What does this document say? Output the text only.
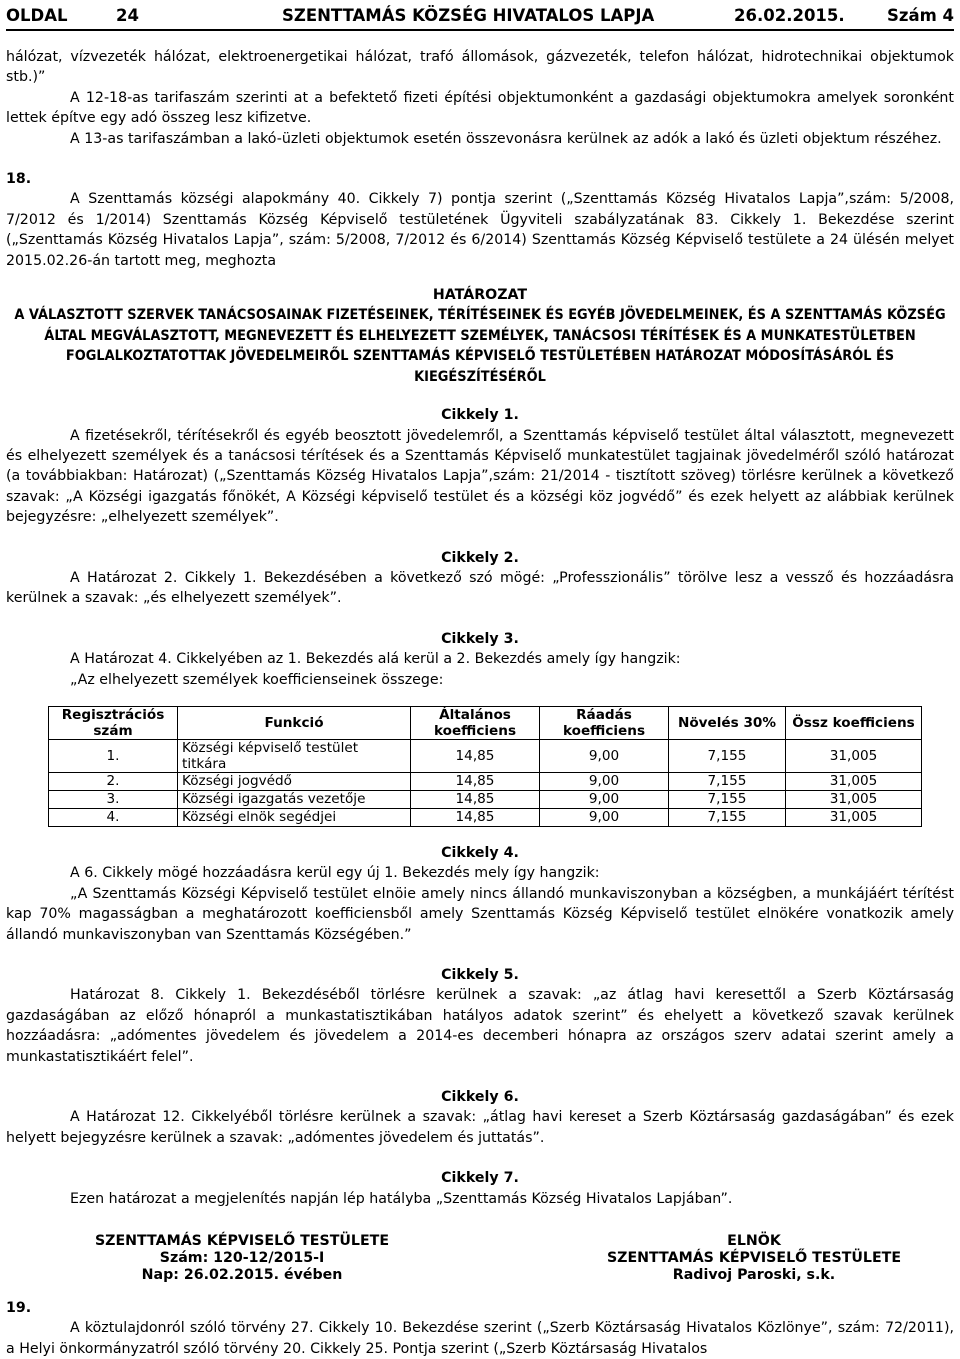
OLDAL	24	SZENTTAMÁS KÖZSÉG HIVATALOS LAPJA	26.02.2015.	Szám 4

hálózat, vízvezeték hálózat, elektroenergetikai hálózat, trafó állomások, gázvezeték, telefon hálózat, hidrotechnikai objektumok stb.)”

A 12-18-as tarifaszám szerinti at a befektető fizeti építési objektumonként a gazdasági objektumokra amelyek soronként lettek építve egy adó összeg lesz kifizetve.

A 13-as tarifaszámban a lakó-üzleti objektumok esetén összevonásra kerülnek az adók a lakó és üzleti objektum részéhez.

18.

A Szenttamás községi alapokmány 40. Cikkely 7) pontja szerint („Szenttamás Község Hivatalos Lapja”,szám: 5/2008, 7/2012 és 1/2014) Szenttamás Község Képviselő testületének Ügyviteli szabályzatának 83. Cikkely 1. Bekezdése szerint („Szenttamás Község Hivatalos Lapja”, szám: 5/2008, 7/2012 és 6/2014) Szenttamás Község Képviselő testülete a 24 ülésén melyet 2015.02.26-án tartott meg, meghozta

HATÁROZAT

A VÁLASZTOTT SZERVEK TANÁCSOSAINAK FIZETÉSEINEK, TÉRÍTÉSEINEK ÉS EGYÉB JÖVEDELMEINEK, ÉS A SZENTTAMÁS KÖZSÉG ÁLTAL MEGVÁLASZTOTT, MEGNEVEZETT ÉS ELHELYEZETT SZEMÉLYEK, TANÁCSOSI TÉRÍTÉSEK ÉS A MUNKATESTÜLETBEN FOGLALKOZTATOTTAK JÖVEDELMEIRŐL SZENTTAMÁS KÉPVISELŐ TESTÜLETÉBEN HATÁROZAT MÓDOSÍTÁSÁRÓL ÉS KIEGÉSZÍTÉSÉRŐL

Cikkely 1.

A fizetésekről, térítésekről és egyéb beosztott jövedelemről, a Szenttamás képviselő testület által választott, megnevezett és elhelyezett személyek és a tanácsosi térítések és a Szenttamás Képviselő munkatestület tagjainak jövedelméről szóló határozat (a továbbiakban: Határozat) („Szenttamás Község Hivatalos Lapja”,szám: 21/2014 - tisztított szöveg) törlésre kerülnek a következő szavak: „A Községi igazgatás főnökét, A Községi képviselő testület és a községi köz jogvédő” és ezek helyett az alábbiak kerülnek bejegyzésre: „elhelyezett személyek”.

Cikkely 2.

A Határozat 2. Cikkely 1. Bekezdésében a következő szó mögé: „Professzionális” törölve lesz a vessző és hozzáadásra kerülnek a szavak: „és elhelyezett személyek”.

Cikkely 3.

A Határozat 4. Cikkelyében az 1. Bekezdés alá kerül a 2. Bekezdés amely így hangzik:

„Az elhelyezett személyek koefficienseinek összege:

Regisztrációs szám	Funkció	Általános koefficiens	Ráadás koefficiens	Növelés 30%	Össz koefficiens
1.	Községi képviselő testület titkára	14,85	9,00	7,155	31,005
2.	Községi jogvédő	14,85	9,00	7,155	31,005
3.	Községi igazgatás vezetője	14,85	9,00	7,155	31,005
4.	Községi elnök segédjei	14,85	9,00	7,155	31,005

Cikkely 4.

A 6. Cikkely mögé hozzáadásra kerül egy új 1. Bekezdés mely így hangzik:

„A Szenttamás Községi Képviselő testület elnöie amely nincs állandó munkaviszonyban a községben, a munkájáért térítést kap 70% magasságban a meghatározott koefficiensből amely Szenttamás Község Képviselő testület elnökére vonatkozik amely állandó munkaviszonyban van Szenttamás Községében.”

Cikkely 5.

Határozat 8. Cikkely 1. Bekezdéséből törlésre kerülnek a szavak: „az átlag havi keresettől a Szerb Köztársaság gazdaságában az előző hónapról a munkastatisztikában hatályos adatok szerint” és ehelyett a következő szavak kerülnek hozzáadásra: „adómentes jövedelem és jövedelem a 2014-es decemberi hónapra az országos szerv adatai szerint amely a munkastatisztikáért felel”.

Cikkely 6.

A Határozat 12. Cikkelyéből törlésre kerülnek a szavak: „átlag havi kereset a Szerb Köztársaság gazdaságában” és ezek helyett bejegyzésre kerülnek a szavak: „adómentes jövedelem és juttatás”.

Cikkely 7.

Ezen határozat a megjelenítés napján lép hatályba „Szenttamás Község Hivatalos Lapjában”.

SZENTTAMÁS KÉPVISELŐ TESTÜLETE
Szám: 120-12/2015-I
Nap: 26.02.2015. évében
ELNÖK
SZENTTAMÁS KÉPVISELŐ TESTÜLETE
Radivoj Paroski, s.k.

19.

A köztulajdonról szóló törvény 27. Cikkely 10. Bekezdése szerint („Szerb Köztársaság Hivatalos Közlönye”, szám: 72/2011), a Helyi önkormányzatról szóló törvény 20. Cikkely 25. Pontja szerint („Szerb Köztársaság Hivatalos
